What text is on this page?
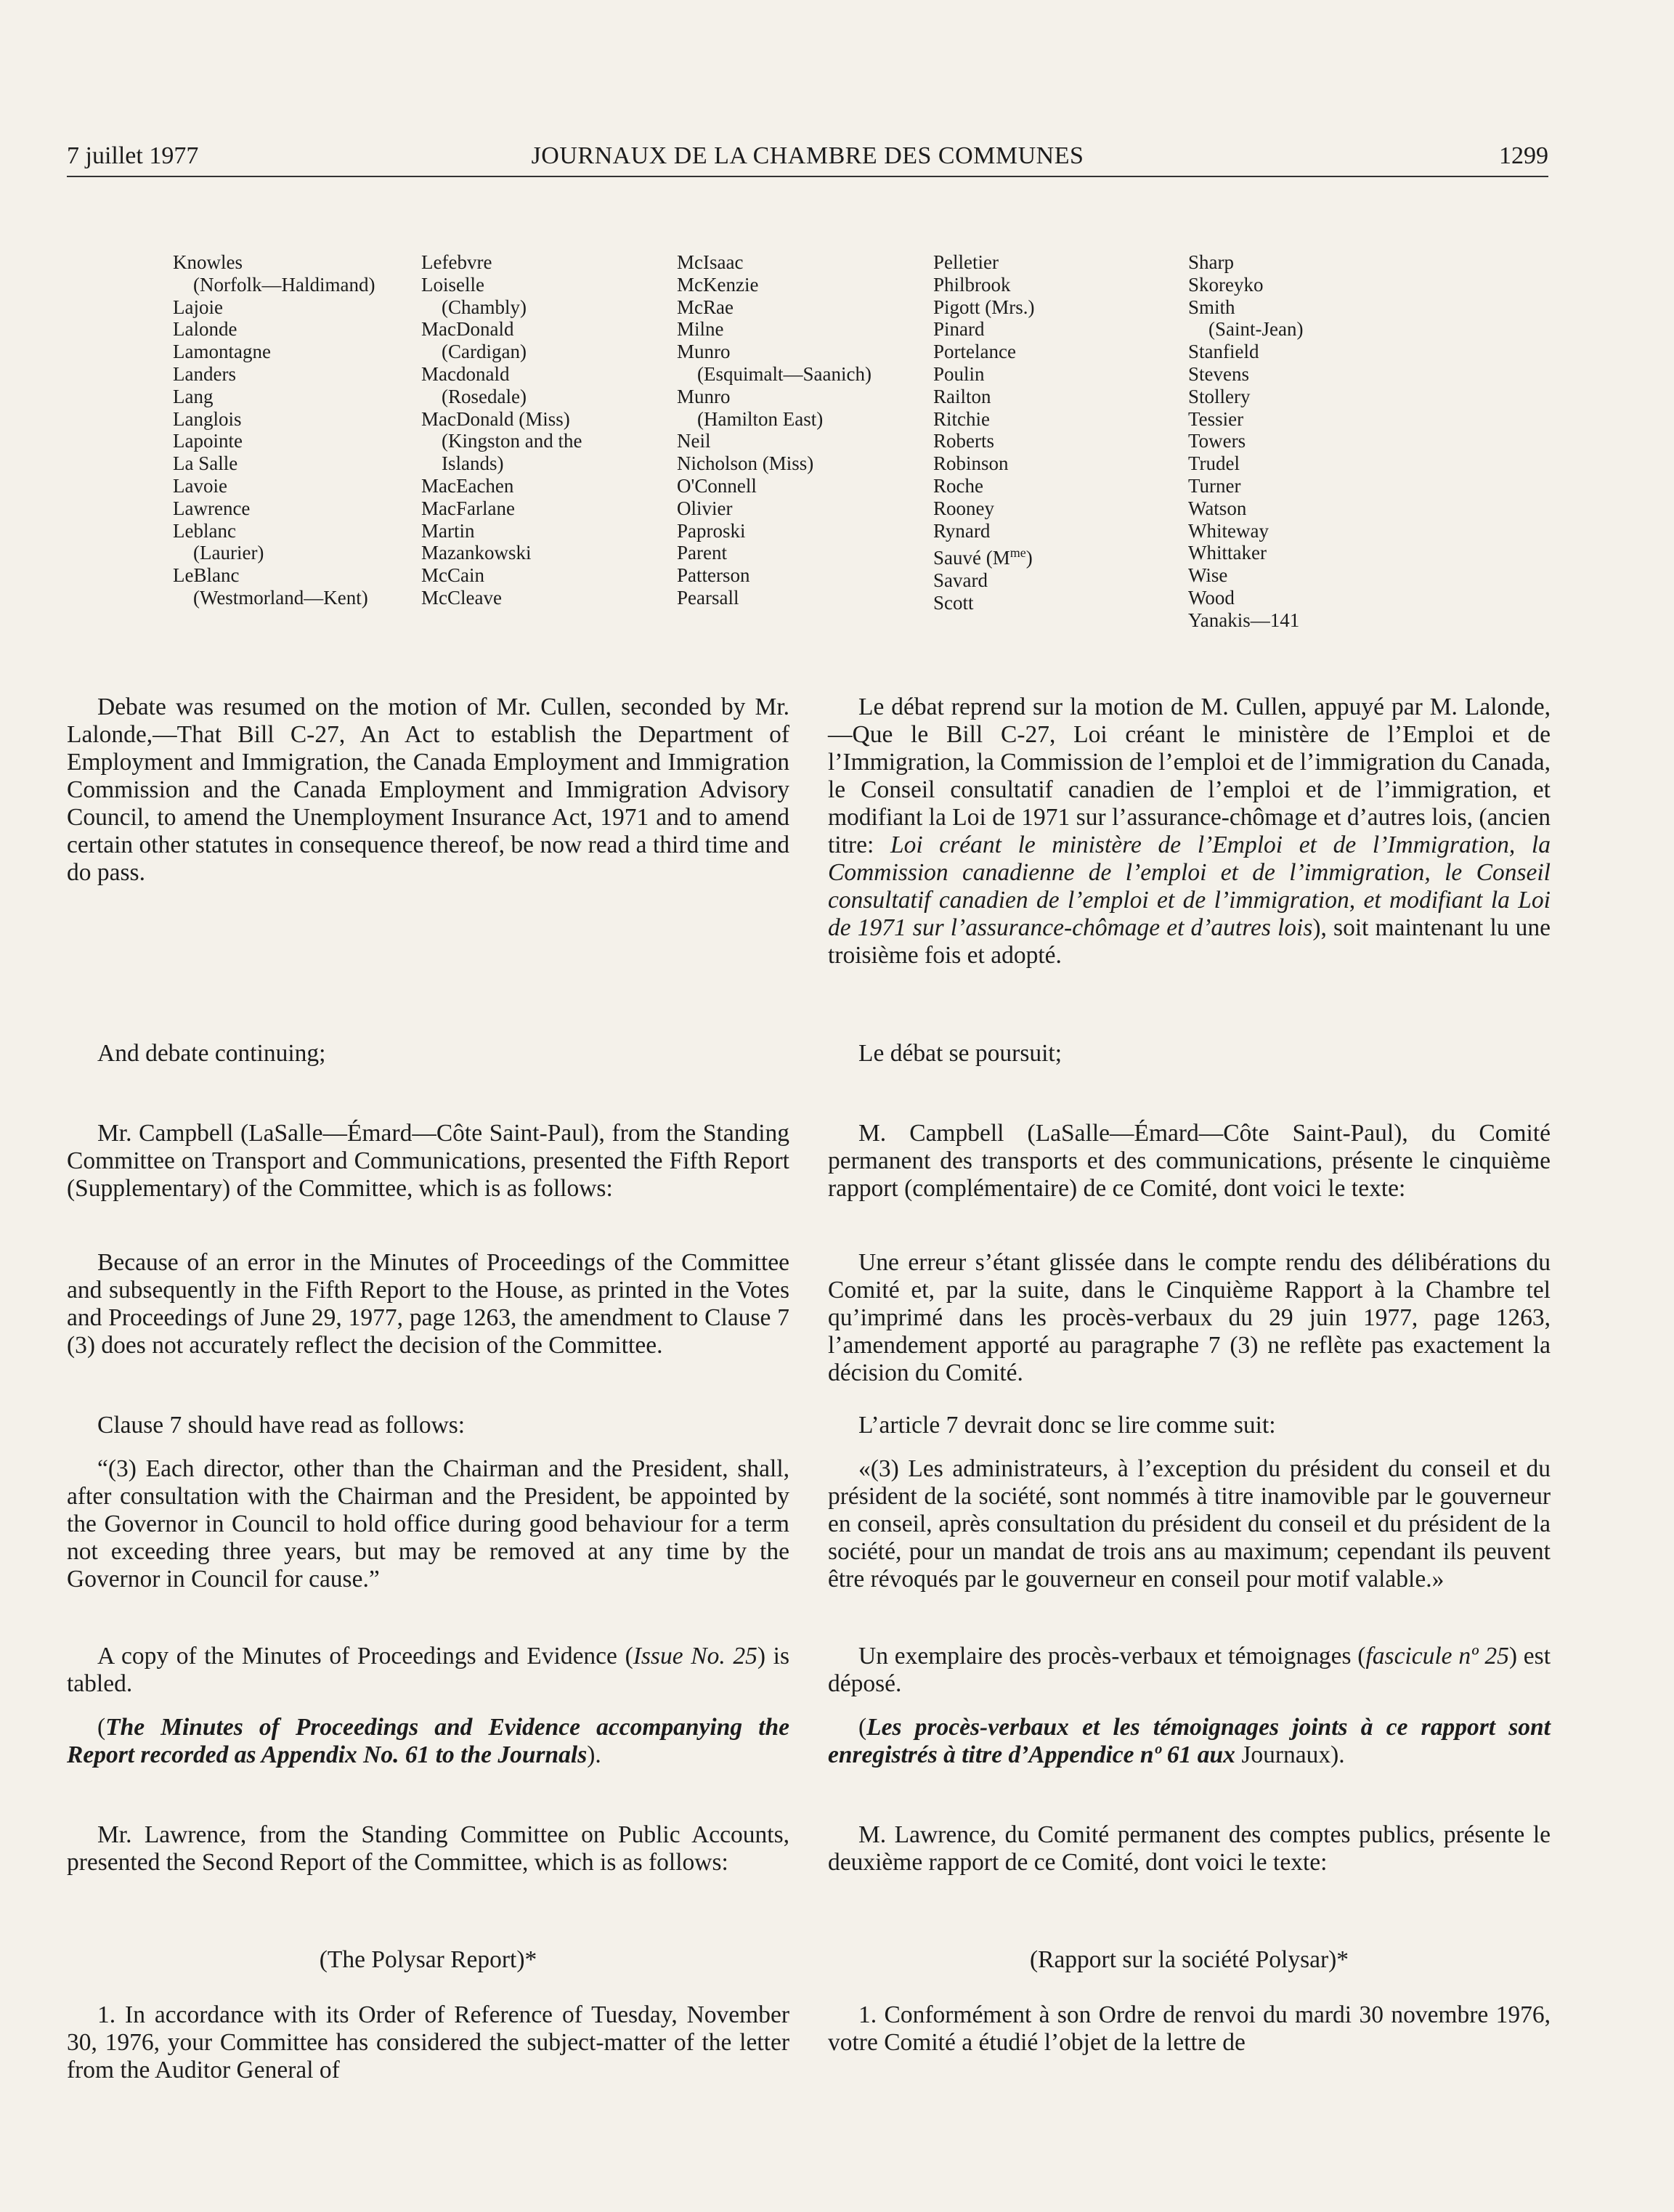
7 juillet 1977	JOURNAUX DE LA CHAMBRE DES COMMUNES	1299
Knowles
(Norfolk—Haldimand)
Lajoie
Lalonde
Lamontagne
Landers
Lang
Langlois
Lapointe
La Salle
Lavoie
Lawrence
Leblanc
(Laurier)
LeBlanc
(Westmorland—Kent)
Lefebvre
Loiselle
(Chambly)
MacDonald
(Cardigan)
Macdonald
(Rosedale)
MacDonald (Miss)
(Kingston and the
Islands)
MacEachen
MacFarlane
Martin
Mazankowski
McCain
McCleave
McIsaac
McKenzie
McRae
Milne
Munro
(Esquimalt—Saanich)
Munro
(Hamilton East)
Neil
Nicholson (Miss)
O'Connell
Olivier
Paproski
Parent
Patterson
Pearsall
Pelletier
Philbrook
Pigott (Mrs.)
Pinard
Portelance
Poulin
Railton
Ritchie
Roberts
Robinson
Roche
Rooney
Rynard
Sauvé $(M^{me})$
Savard
Scott
Sharp
Skoreyko
Smith
(Saint-Jean)
Stanfield
Stevens
Stollery
Tessier
Towers
Trudel
Turner
Watson
Whiteway
Whittaker
Wise
Wood
Yanakis—141

Debate was resumed on the motion of Mr. Cullen, seconded by Mr. Lalonde,—That Bill C-27, An Act to establish the Department of Employment and Immigration, the Canada Employment and Immigration Commission and the Canada Employment and Immigration Advisory Council, to amend the Unemployment Insurance Act, 1971 and to amend certain other statutes in consequence thereof, be now read a third time and do pass.

And debate continuing;

Mr. Campbell (LaSalle—Émard—Côte Saint-Paul), from the Standing Committee on Transport and Communications, presented the Fifth Report (Supplementary) of the Committee, which is as follows:

Because of an error in the Minutes of Proceedings of the Committee and subsequently in the Fifth Report to the House, as printed in the Votes and Proceedings of June 29, 1977, page 1263, the amendment to Clause 7 (3) does not accurately reflect the decision of the Committee.

Clause 7 should have read as follows:

“(3) Each director, other than the Chairman and the President, shall, after consultation with the Chairman and the President, be appointed by the Governor in Council to hold office during good behaviour for a term not exceeding three years, but may be removed at any time by the Governor in Council for cause.”

A copy of the Minutes of Proceedings and Evidence (Issue No. 25) is tabled.

(The Minutes of Proceedings and Evidence accompanying the Report recorded as Appendix No. 61 to the Journals).

Mr. Lawrence, from the Standing Committee on Public Accounts, presented the Second Report of the Committee, which is as follows:

(The Polysar Report)*

1. In accordance with its Order of Reference of Tuesday, November 30, 1976, your Committee has considered the subject-matter of the letter from the Auditor General of

Le débat reprend sur la motion de M. Cullen, appuyé par M. Lalonde,—Que le Bill C-27, Loi créant le ministère de l’Emploi et de l’Immigration, la Commission de l’emploi et de l’immigration du Canada, le Conseil consultatif canadien de l’emploi et de l’immigration, et modifiant la Loi de 1971 sur l’assurance-chômage et d’autres lois, (ancien titre: Loi créant le ministère de l’Emploi et de l’Immigration, la Commission canadienne de l’emploi et de l’immigration, le Conseil consultatif canadien de l’emploi et de l’immigration, et modifiant la Loi de 1971 sur l’assurance-chômage et d’autres lois), soit maintenant lu une troisième fois et adopté.

Le débat se poursuit;

M. Campbell (LaSalle—Émard—Côte Saint-Paul), du Comité permanent des transports et des communications, présente le cinquième rapport (complémentaire) de ce Comité, dont voici le texte:

Une erreur s’étant glissée dans le compte rendu des délibérations du Comité et, par la suite, dans le Cinquième Rapport à la Chambre tel qu’imprimé dans les procès-verbaux du 29 juin 1977, page 1263, l’amendement apporté au paragraphe 7 (3) ne reflète pas exactement la décision du Comité.

L’article 7 devrait donc se lire comme suit:

«(3) Les administrateurs, à l’exception du président du conseil et du président de la société, sont nommés à titre inamovible par le gouverneur en conseil, après consultation du président du conseil et du président de la société, pour un mandat de trois ans au maximum; cependant ils peuvent être révoqués par le gouverneur en conseil pour motif valable.»

Un exemplaire des procès-verbaux et témoignages (fascicule nº 25) est déposé.

(Les procès-verbaux et les témoignages joints à ce rapport sont enregistrés à titre d’Appendice nº 61 aux Journaux).

M. Lawrence, du Comité permanent des comptes publics, présente le deuxième rapport de ce Comité, dont voici le texte:

(Rapport sur la société Polysar)*

1. Conformément à son Ordre de renvoi du mardi 30 novembre 1976, votre Comité a étudié l’objet de la lettre de
